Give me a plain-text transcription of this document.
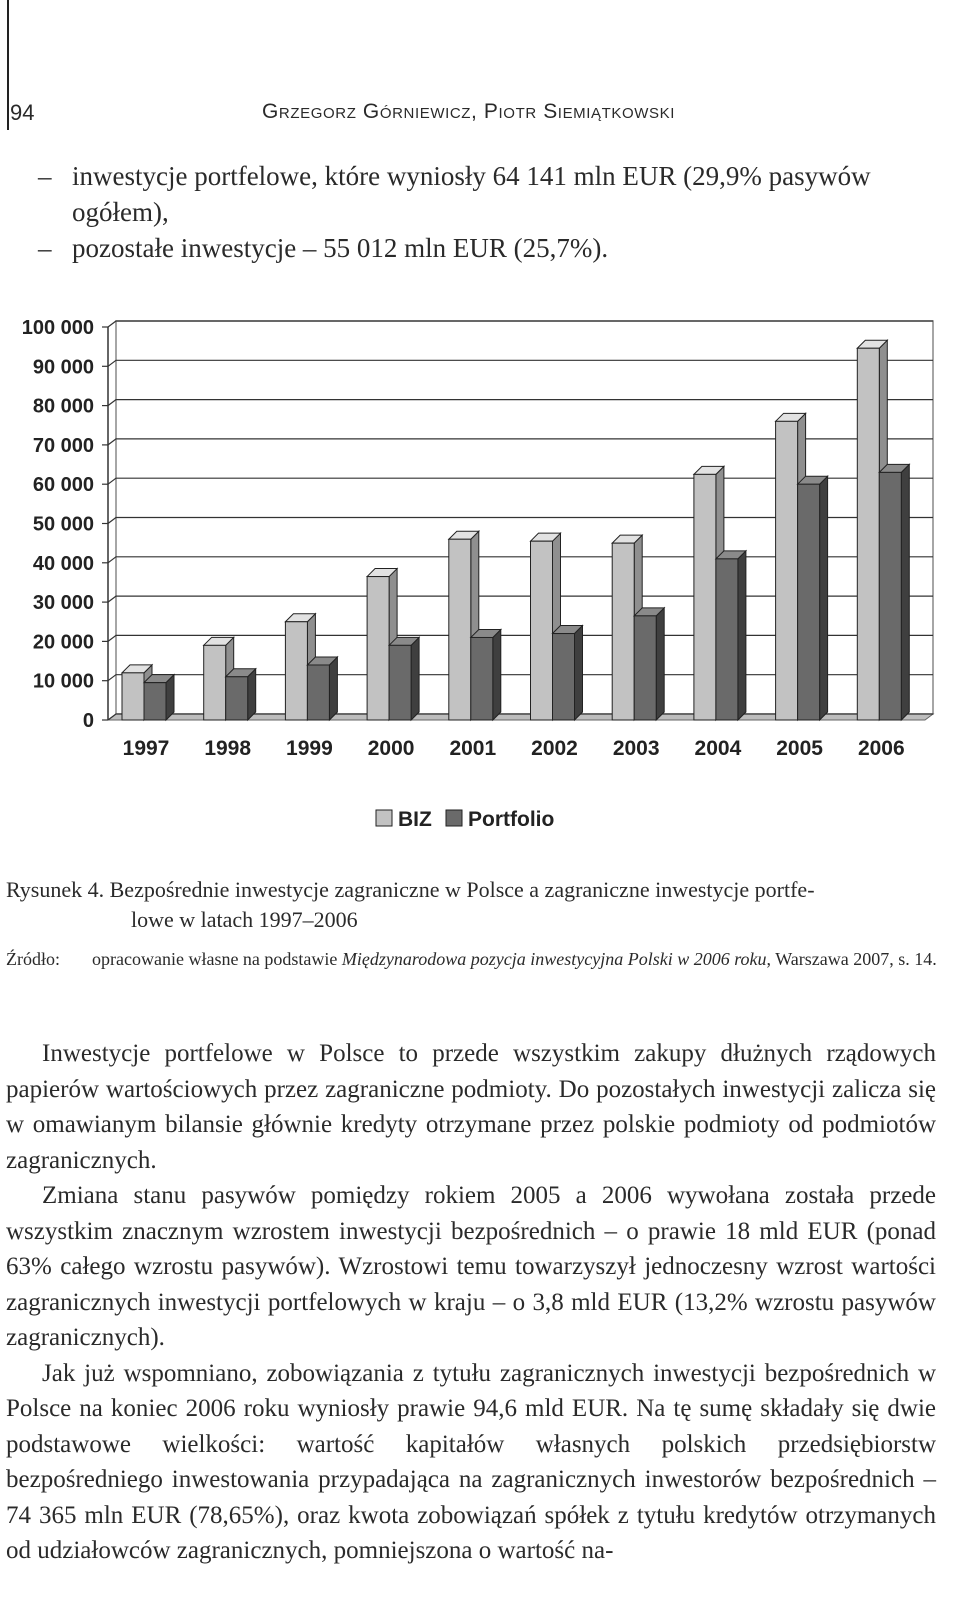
94	Grzegorz Górniewicz, Piotr Siemiątkowski
– inwestycje portfelowe, które wyniosły 64 141 mln EUR (29,9% pasywów ogółem),
– pozostałe inwestycje – 55 012 mln EUR (25,7%).
0
10 000
20 000
30 000
40 000
50 000
60 000
70 000
80 000
90 000
100 000
1997 1998 1999 2000 2001 2002 2003 2004 2005 2006
BIZ Portfolio
Rysunek 4. Bezpośrednie inwestycje zagraniczne w Polsce a zagraniczne inwestycje portfe-
lowe w latach 1997–2006
Źródło:	opracowanie własne na podstawie Międzynarodowa pozycja inwestycyjna Polski w 2006 roku, Warszawa 2007, s. 14.

Inwestycje portfelowe w Polsce to przede wszystkim zakupy dłużnych rządowych papierów wartościowych przez zagraniczne podmioty. Do pozostałych inwestycji zalicza się w omawianym bilansie głównie kredyty otrzymane przez polskie podmioty od podmiotów zagranicznych.

Zmiana stanu pasywów pomiędzy rokiem 2005 a 2006 wywołana została przede wszystkim znacznym wzrostem inwestycji bezpośrednich – o prawie 18 mld EUR (ponad 63% całego wzrostu pasywów). Wzrostowi temu towarzyszył jednoczesny wzrost wartości zagranicznych inwestycji portfelowych w kraju – o 3,8 mld EUR (13,2% wzrostu pasywów zagranicznych).

Jak już wspomniano, zobowiązania z tytułu zagranicznych inwestycji bezpośrednich w Polsce na koniec 2006 roku wyniosły prawie 94,6 mld EUR. Na tę sumę składały się dwie podstawowe wielkości: wartość kapitałów własnych polskich przedsiębiorstw bezpośredniego inwestowania przypadająca na zagranicznych inwestorów bezpośrednich – 74 365 mln EUR (78,65%), oraz kwota zobowiązań spółek z tytułu kredytów otrzymanych od udziałowców zagranicznych, pomniejszona o wartość na-
